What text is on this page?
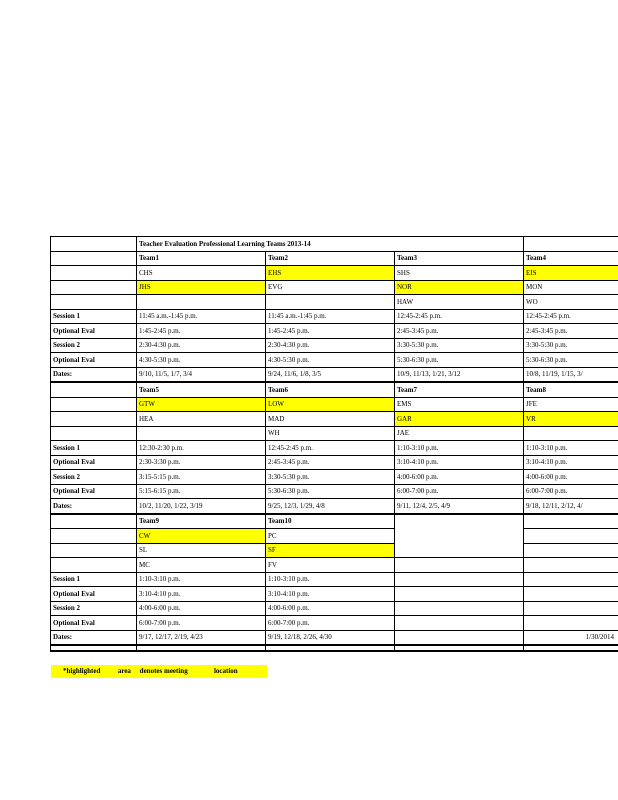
	Teacher Evaluation Professional Learning Teams 2013-14			
	Team1	Team2	Team3	Team4
	CHS	EHS	SHS	EIS
	JHS	EVG	NOR	MON
			HAW	WO
Session 1	11:45 a.m.-1:45 p.m.	11:45 a.m.-1:45 p.m.	12:45-2:45 p.m.	12:45-2:45 p.m.
Optional Eval	1:45-2:45 p.m.	1:45-2:45 p.m.	2:45-3:45 p.m.	2:45-3:45 p.m.
Session 2	2:30-4:30 p.m.	2:30-4:30 p.m.	3:30-5:30 p.m.	3:30-5:30 p.m.
Optional Eval	4:30-5:30 p.m.	4:30-5:30 p.m.	5:30-6:30 p.m.	5:30-6:30 p.m.
Dates:	9/10, 11/5, 1/7, 3/4	9/24, 11/6, 1/8, 3/5	10/9, 11/13, 1/21, 3/12	10/8, 11/19, 1/15, 3/
	Team5	Team6	Team7	Team8
	GTW	LOW	EMS	JFE
	HEA	MAD	GAR	VR
		WH	JAE	
Session 1	12:30-2:30 p.m.	12:45-2:45 p.m.	1:10-3:10 p.m.	1:10-3:10 p.m.
Optional Eval	2:30-3:30 p.m.	2:45-3:45 p.m.	3:10-4:10 p.m.	3:10-4:10 p.m.
Session 2	3:15-5:15 p.m.	3:30-5:30 p.m.	4:00-6:00 p.m.	4:00-6:00 p.m.
Optional Eval	5:15-6:15 p.m.	5:30-6:30 p.m.	6:00-7:00 p.m.	6:00-7:00 p.m.
Dates:	10/2, 11/20, 1/22, 3/19	9/25, 12/3, 1/29, 4/8	9/11, 12/4, 2/5, 4/9	9/18, 12/11, 2/12, 4/
	Team9	Team10		
	CW	PC		
	SL	SF		
	MC	FV		
Session 1	1:10-3:10 p.m.	1:10-3:10 p.m.		
Optional Eval	3:10-4:10 p.m.	3:10-4:10 p.m.		
Session 2	4:00-6:00 p.m.	4:00-6:00 p.m.		
Optional Eval	6:00-7:00 p.m.	6:00-7:00 p.m.		
Dates:	9/17, 12/17, 2/19, 4/23	9/19, 12/18, 2/26, 4/30		1/30/2014

*highlighted          area     denotes meeting               location
